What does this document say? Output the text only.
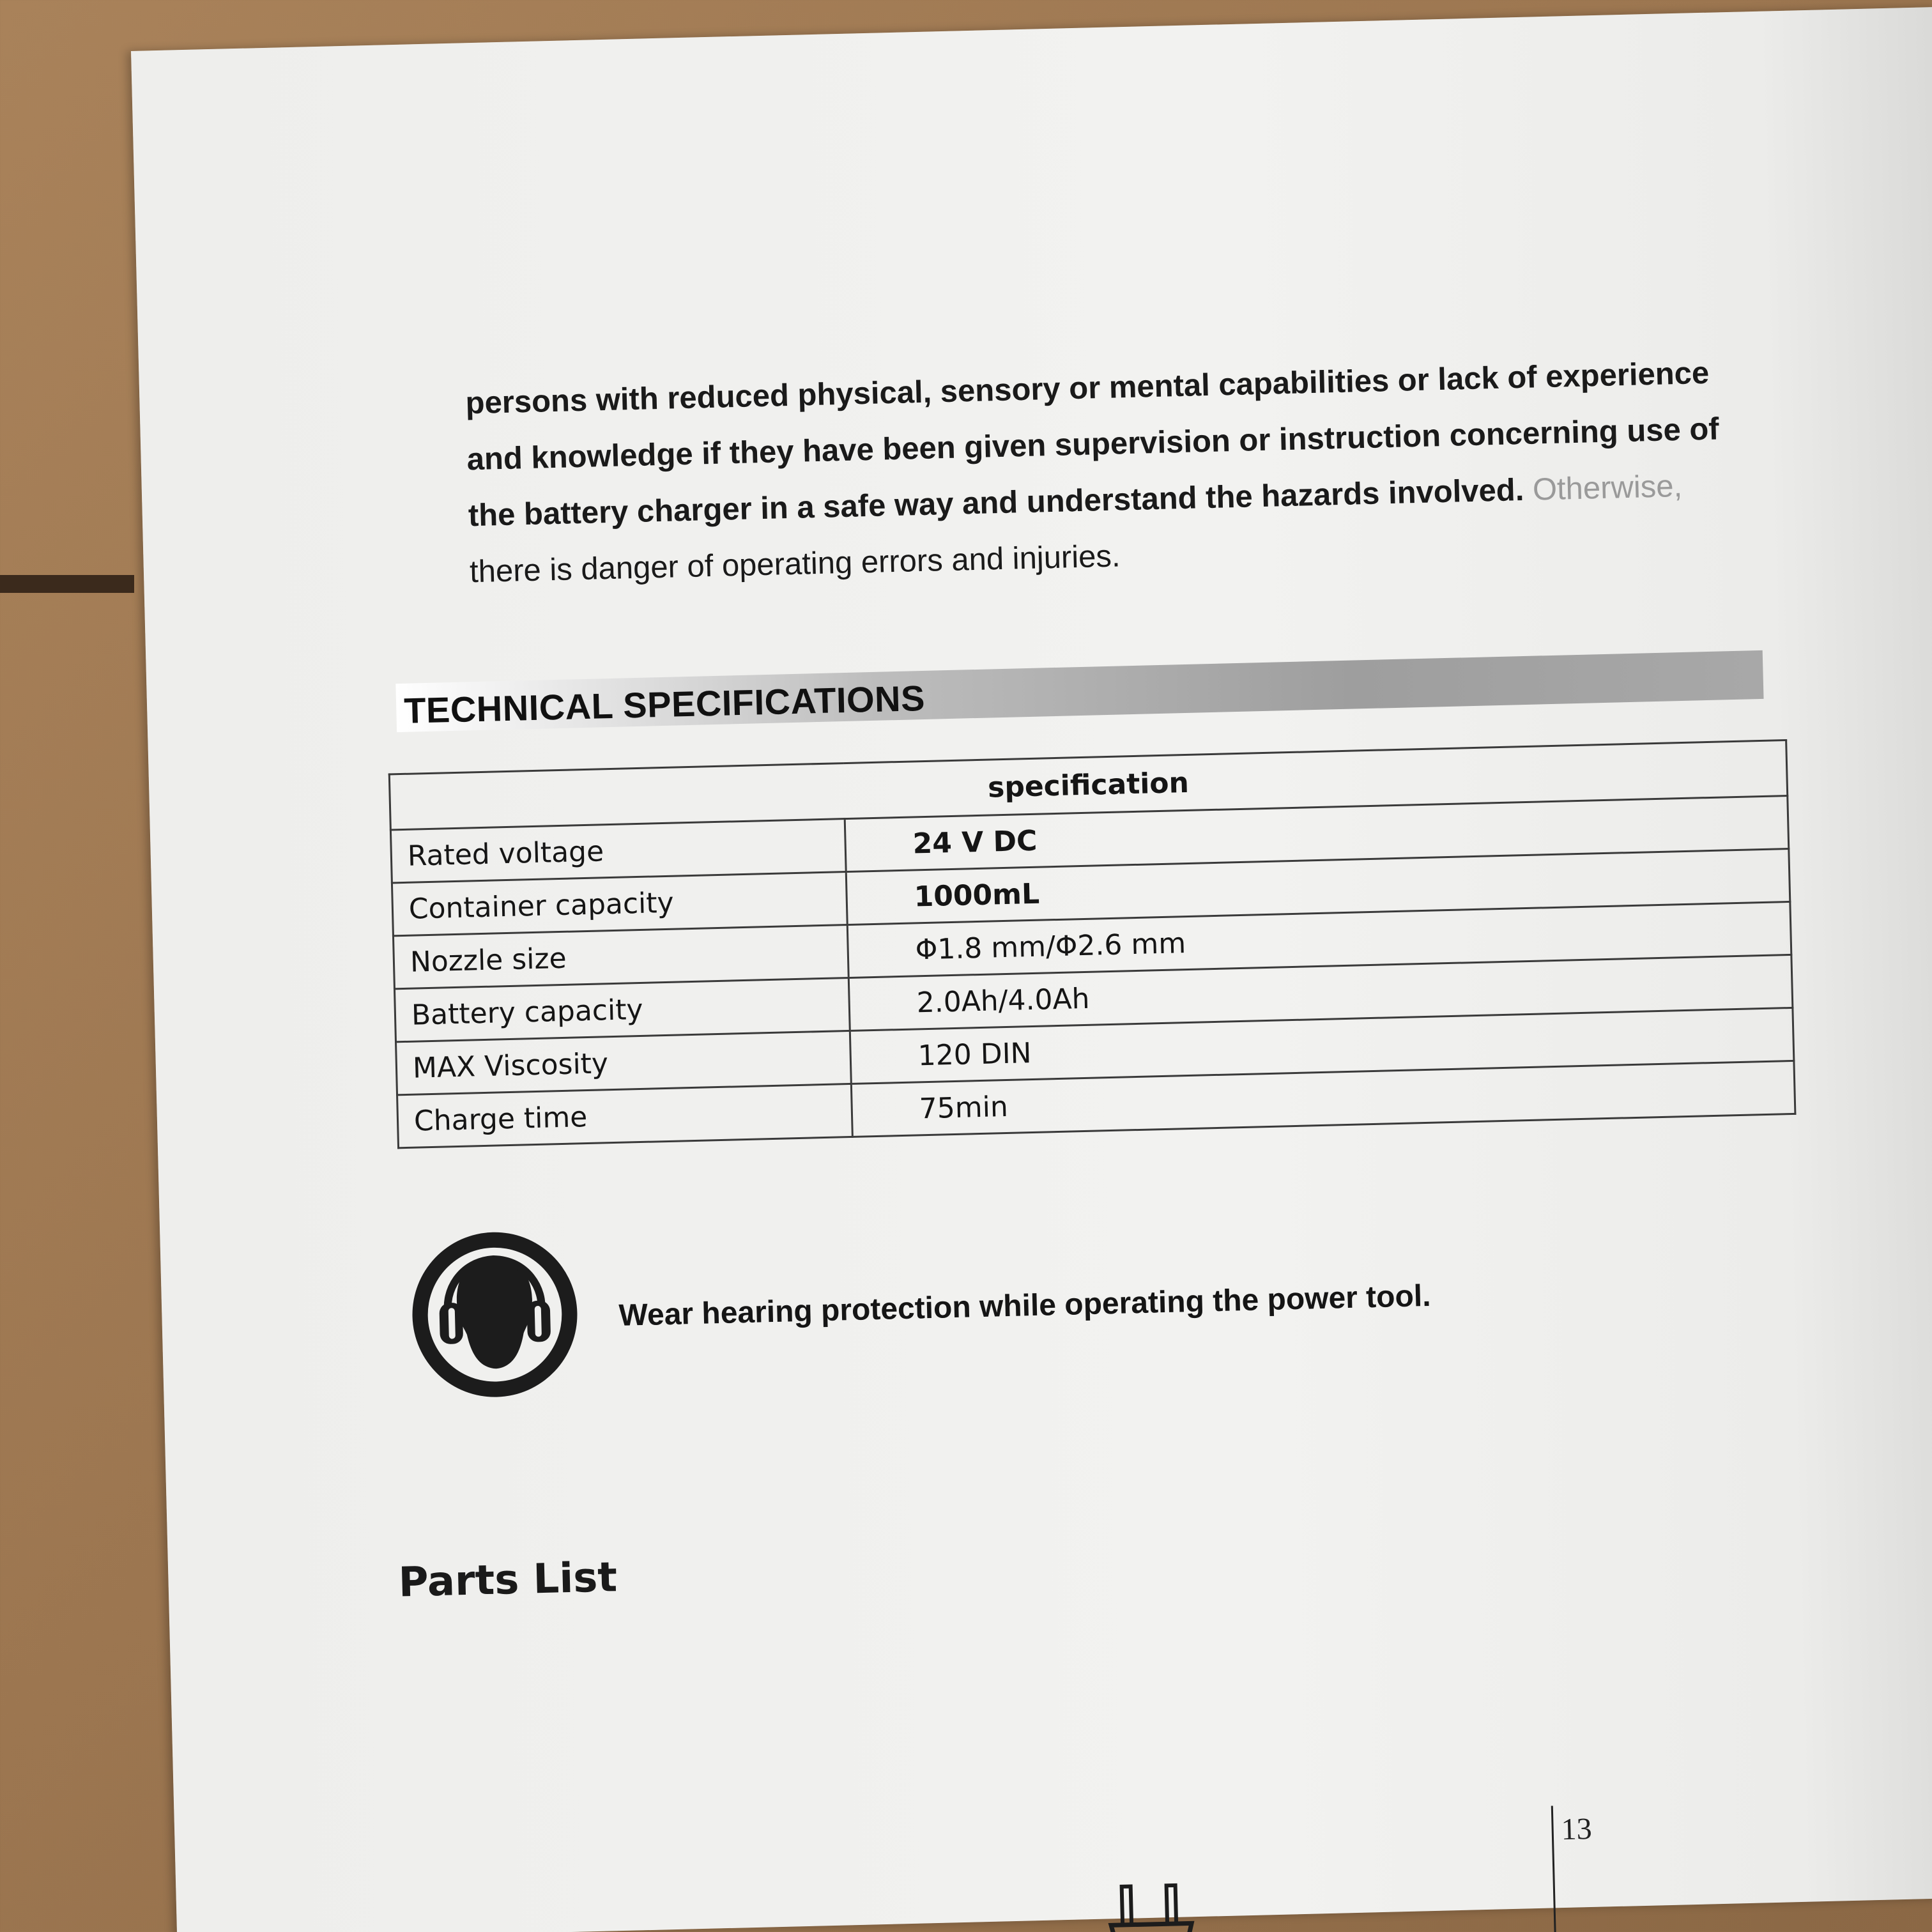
persons with reduced physical, sensory or mental capabilities or lack of experience

and knowledge if they have been given supervision or instruction concerning use of

the battery charger in a safe way and understand the hazards involved. Otherwise,

there is danger of operating errors and injuries.

TECHNICAL SPECIFICATIONS
specification	
Rated voltage	24 V DC
Container capacity	1000mL
Nozzle size	Φ1.8 mm/Φ2.6 mm
Battery capacity	2.0Ah/4.0Ah
MAX Viscosity	120 DIN
Charge time	75min
Wear hearing protection while operating the power tool.
Parts List
13
